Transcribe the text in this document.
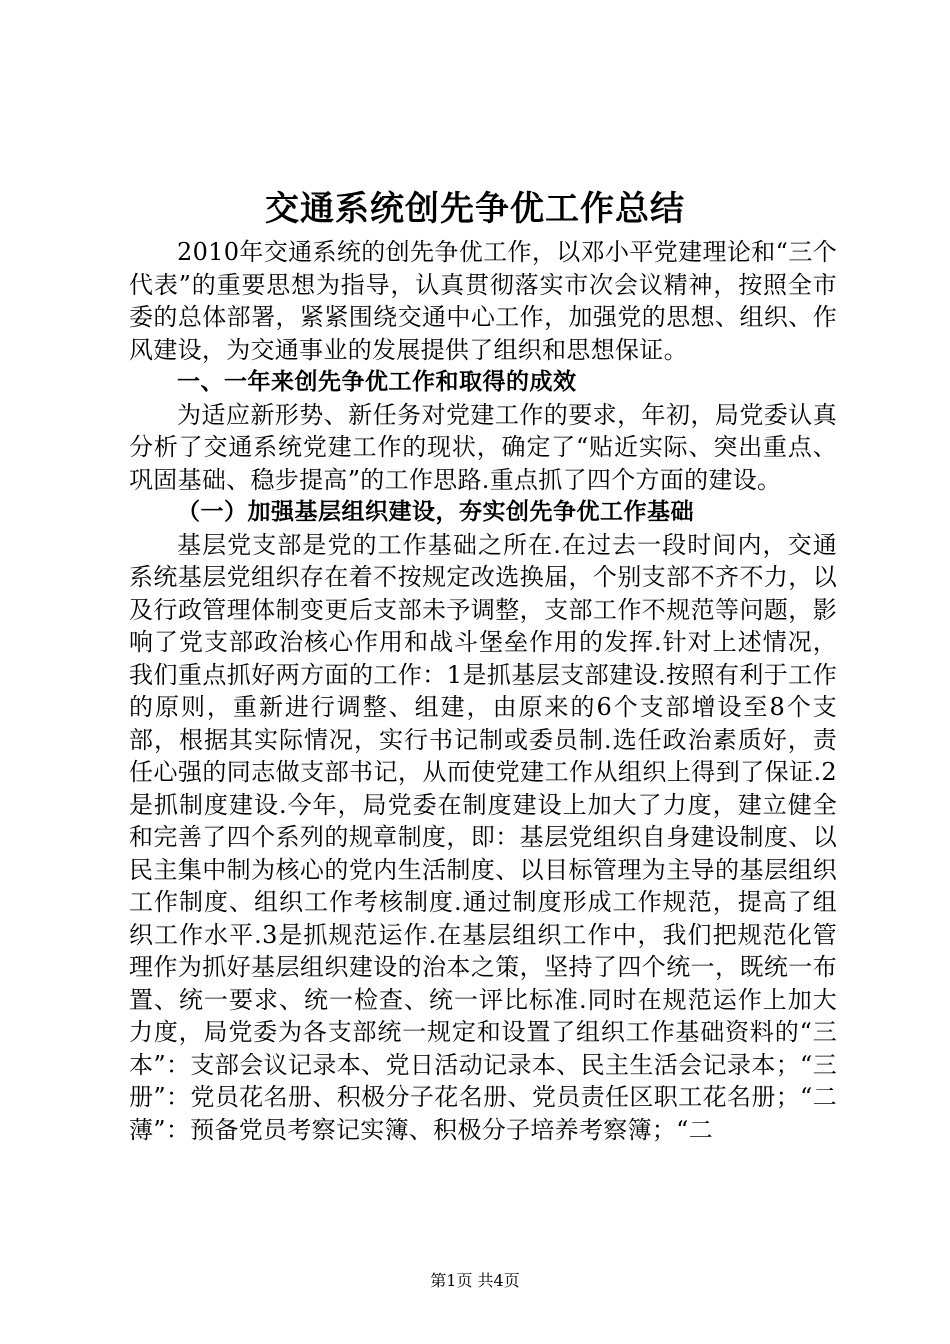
交通系统创先争优工作总结

2010年交通系统的创先争优工作，以邓小平党建理论和“三个代表”的重要思想为指导，认真贯彻落实市次会议精神，按照全市委的总体部署，紧紧围绕交通中心工作，加强党的思想、组织、作风建设，为交通事业的发展提供了组织和思想保证。

一、一年来创先争优工作和取得的成效

为适应新形势、新任务对党建工作的要求，年初，局党委认真分析了交通系统党建工作的现状，确定了“贴近实际、突出重点、巩固基础、稳步提高”的工作思路.重点抓了四个方面的建设。

（一）加强基层组织建设，夯实创先争优工作基础

基层党支部是党的工作基础之所在.在过去一段时间内，交通系统基层党组织存在着不按规定改选换届，个别支部不齐不力，以及行政管理体制变更后支部未予调整，支部工作不规范等问题，影响了党支部政治核心作用和战斗堡垒作用的发挥.针对上述情况，我们重点抓好两方面的工作：1是抓基层支部建设.按照有利于工作的原则，重新进行调整、组建，由原来的6个支部增设至8个支部，根据其实际情况，实行书记制或委员制.选任政治素质好，责任心强的同志做支部书记，从而使党建工作从组织上得到了保证.2是抓制度建设.今年，局党委在制度建设上加大了力度，建立健全和完善了四个系列的规章制度，即：基层党组织自身建设制度、以民主集中制为核心的党内生活制度、以目标管理为主导的基层组织工作制度、组织工作考核制度.通过制度形成工作规范，提高了组织工作水平.3是抓规范运作.在基层组织工作中，我们把规范化管理作为抓好基层组织建设的治本之策，坚持了四个统一，既统一布置、统一要求、统一检查、统一评比标准.同时在规范运作上加大力度，局党委为各支部统一规定和设置了组织工作基础资料的“三本”：支部会议记录本、党日活动记录本、民主生活会记录本；“三册”：党员花名册、积极分子花名册、党员责任区职工花名册；“二薄”：预备党员考察记实簿、积极分子培养考察簿；“二

第1页 共4页
